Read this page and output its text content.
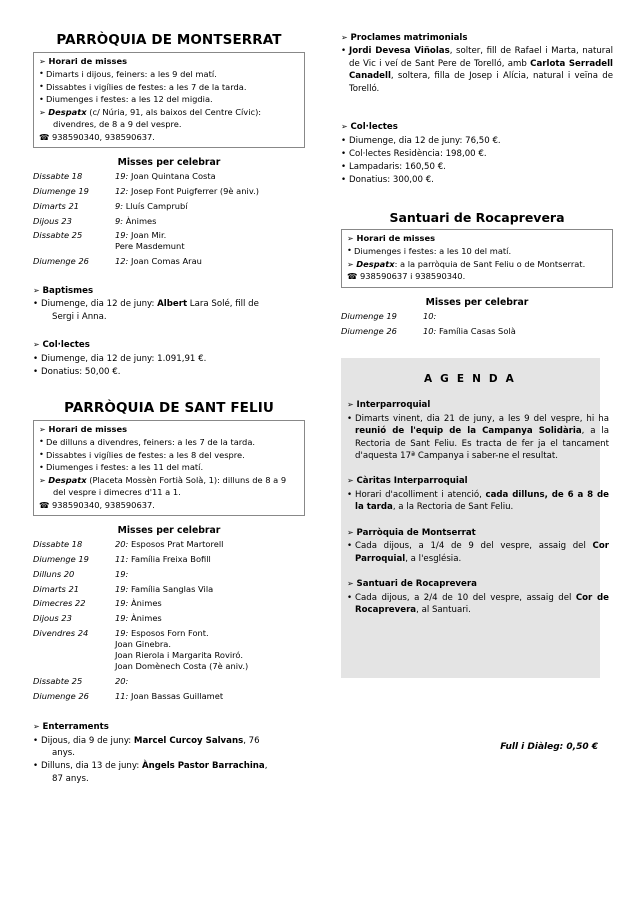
PARRÒQUIA DE MONTSERRAT
➢ Horari de misses
• Dimarts i dijous, feiners: a les 9 del matí.
• Dissabtes i vigílies de festes: a les 7 de la tarda.
• Diumenges i festes: a les 12 del migdia.
➢ Despatx (c/ Núria, 91, als baixos del Centre Cívic):
divendres, de 8 a 9 del vespre.
☎ 938590340, 938590637.
Misses per celebrar
Dissabte 18	19: Joan Quintana Costa
Diumenge 19	12: Josep Font Puigferrer (9è aniv.)
Dimarts 21	9: Lluís Camprubí
Dijous 23	9: Ànimes
Dissabte 25	19: Joan Mir.
Pere Masdemunt

Diumenge 26	12: Joan Comas Arau
➢ Baptismes
• Diumenge, dia 12 de juny: Albert Lara Solé, fill de
Sergi i Anna.
➢ Col·lectes
• Diumenge, dia 12 de juny: 1.091,91 €.
• Donatius: 50,00 €.
PARRÒQUIA DE SANT FELIU
➢ Horari de misses
• De dilluns a divendres, feiners: a les 7 de la tarda.
• Dissabtes i vigílies de festes: a les 8 del vespre.
• Diumenges i festes: a les 11 del matí.
➢ Despatx (Placeta Mossèn Fortià Solà, 1): dilluns de 8 a 9
del vespre i dimecres d'11 a 1.
☎ 938590340, 938590637.
Misses per celebrar
Dissabte 18	20: Esposos Prat Martorell
Diumenge 19	11: Família Freixa Bofill
Dilluns 20	19:
Dimarts 21	19: Família Sanglas Vila
Dimecres 22	19: Ànimes
Dijous 23	19: Ànimes
Divendres 24	19: Esposos Forn Font.
Joan Ginebra.
Joan Rierola i Margarita Roviró.
Joan Domènech Costa (7è aniv.)

Dissabte 25	20:
Diumenge 26	11: Joan Bassas Guillamet
➢ Enterraments
• Dijous, dia 9 de juny: Marcel Curcoy Salvans, 76
anys.
• Dilluns, dia 13 de juny: Àngels Pastor Barrachina,
87 anys.
➢ Proclames matrimonials
• Jordi Devesa Viñolas, solter, fill de Rafael i Marta, natural de Vic i veí de Sant Pere de Torelló, amb Carlota Serradell Canadell, soltera, filla de Josep i Alícia, natural i veïna de Torelló.
➢ Col·lectes
• Diumenge, dia 12 de juny: 76,50 €.
• Col·lectes Residència: 198,00 €.
• Lampadaris: 160,50 €.
• Donatius: 300,00 €.
Santuari de Rocaprevera
➢ Horari de misses
• Diumenges i festes: a les 10 del matí.
➢ Despatx: a la parròquia de Sant Feliu o de Montserrat.
☎ 938590637 i 938590340.
Misses per celebrar
Diumenge 19	10:
Diumenge 26	10: Família Casas Solà
A G E N D A
➢ Interparroquial
• Dimarts vinent, dia 21 de juny, a les 9 del vespre, hi ha reunió de l'equip de la Campanya Solidària, a la Rectoria de Sant Feliu. Es tracta de fer ja el tancament d'aquesta 17ª Campanya i saber-ne el resultat.
➢ Càritas Interparroquial
• Horari d'acolliment i atenció, cada dilluns, de 6 a 8 de la tarda, a la Rectoria de Sant Feliu.
➢ Parròquia de Montserrat
• Cada dijous, a 1/4 de 9 del vespre, assaig del Cor Parroquial, a l'església.
➢ Santuari de Rocaprevera
• Cada dijous, a 2/4 de 10 del vespre, assaig del Cor de Rocaprevera, al Santuari.
Full i Diàleg: 0,50 €
